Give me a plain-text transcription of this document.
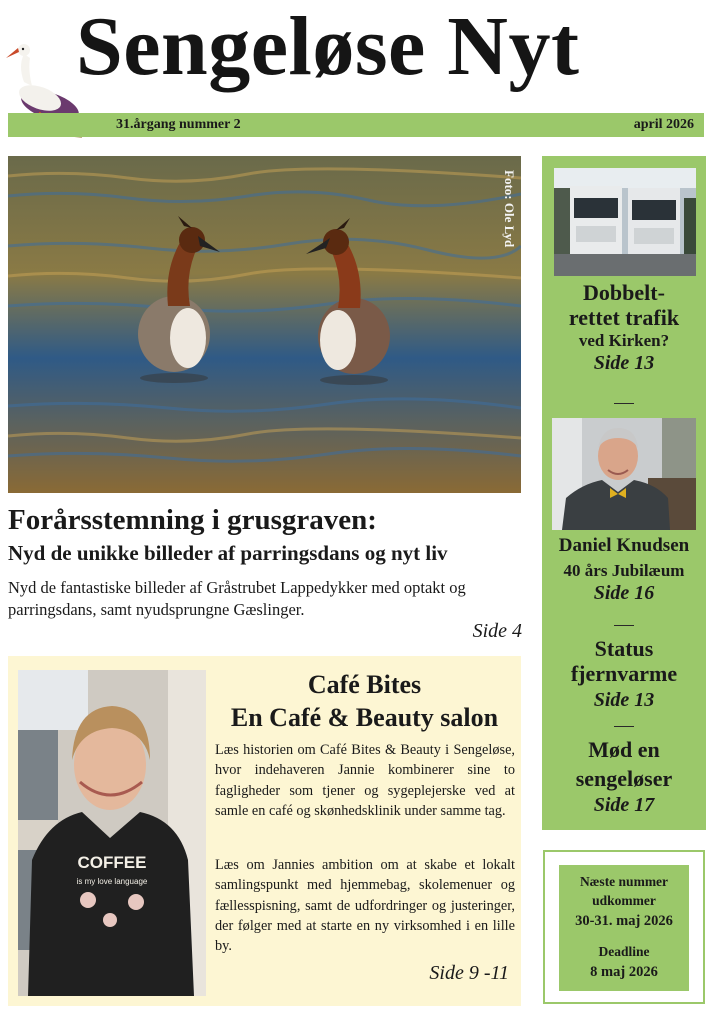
Sengeløse Nyt
31.årgang nummer 2	april 2026
Foto: Ole Lyd
Forårsstemning i grusgraven:
Nyd de unikke billeder af parringsdans og nyt liv
Nyd de fantastiske billeder af Gråstrubet Lappedykker med optakt og parringsdans, samt nyudsprungne Gæslinger.
Side 4
COFFEE
is my love language
Café Bites
En Café & Beauty salon
Læs historien om Café Bites & Beauty i Sengeløse, hvor indehaveren Jannie kombinerer sine to fagligheder som tjener og sygeplejerske ved at samle en café og skønhedsklinik under samme tag.
Læs om Jannies ambition om at skabe et lokalt samlingspunkt med hjemmebag, skolemenuer og fællesspisning, samt de udfordringer og justeringer, der følger med at starte en ny virksomhed i en lille by.
Side 9 -11
Dobbelt-
rettet trafik
ved Kirken?
Side 13
Daniel Knudsen
40 års Jubilæum
Side 16
Status
fjernvarme
Side 13
Mød en
sengeløser
Side 17
Næste nummer
udkommer
30-31. maj 2026
Deadline
8 maj 2026
